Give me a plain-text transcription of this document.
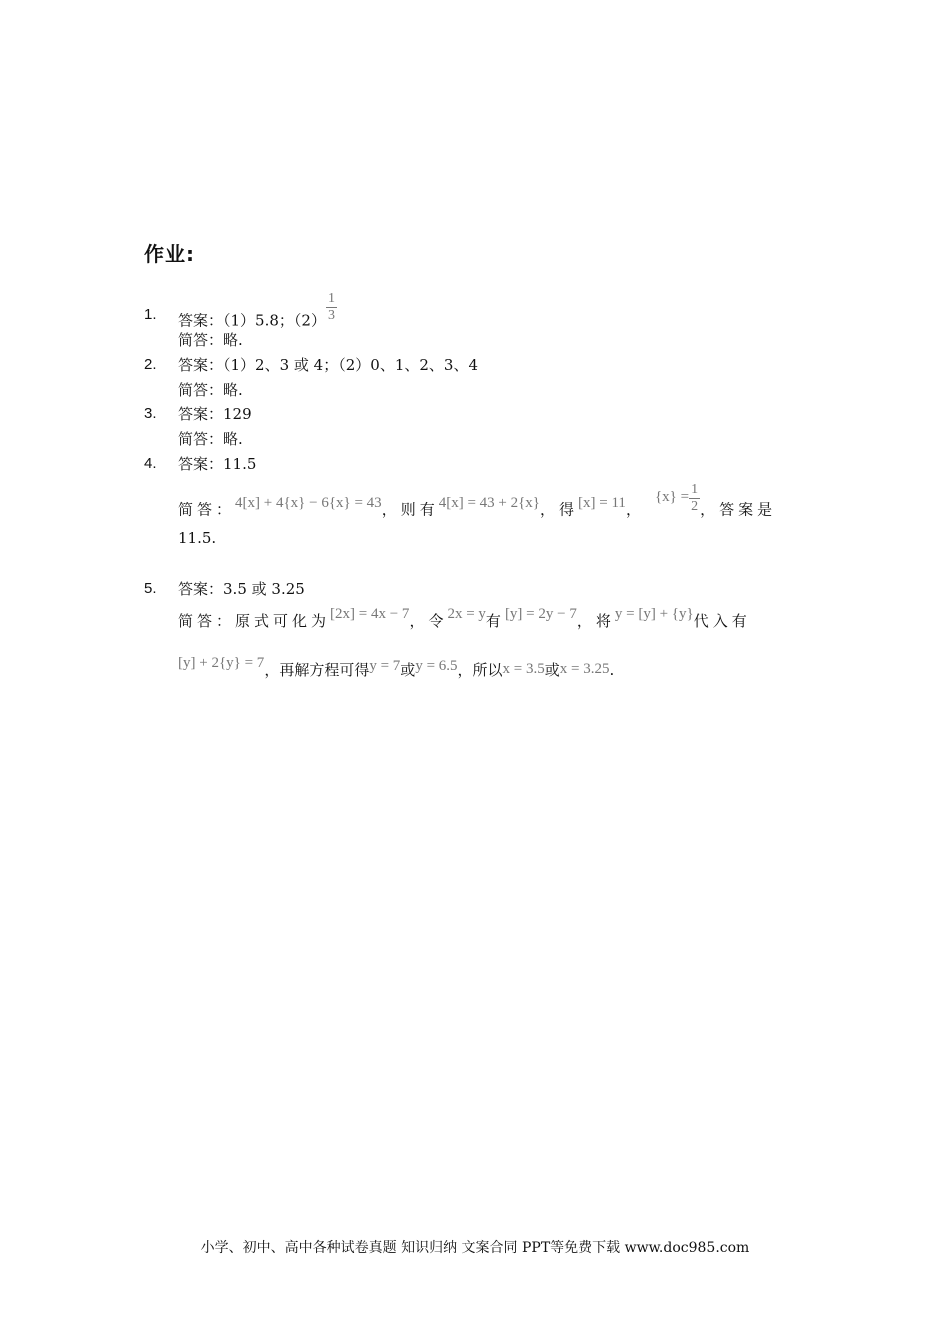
作业:
1. 答案：（1）5.8；$(2) \frac{1}{3}$
简答：略.
2. 答案：（1）2、3 或 4；（2）0、1、2、3、4
简答：略.
3. 答案：129
简答：略.
4. 答案：11.5
简答：4[x] + 4{x} − 6{x} = 43，则有4[x] = 43 + 2{x}，得[x] = 11，$\{x\} = \frac{1}{2}$ ，答案是
11.5.
5. 答案：3.5 或 3.25
简答：原式可化为[2x] = 4x − 7，令2x = y有[y] = 2y − 7，将y = [y] + {y}代入有
[y] + 2{y} = 7，再解方程可得y = 7或y = 6.5，所以x = 3.5或x = 3.25.
小学、初中、高中各种试卷真题 知识归纳 文案合同 PPT等免费下载 www.doc985.com
